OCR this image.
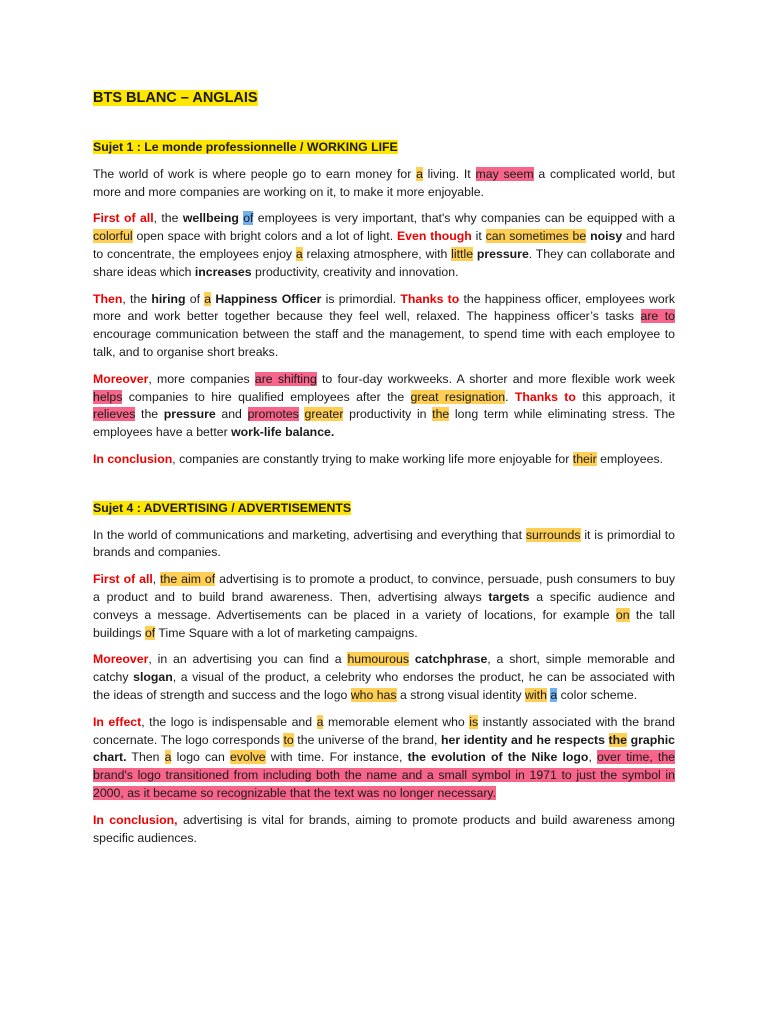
BTS BLANC – ANGLAIS
Sujet 1 : Le monde professionnelle / WORKING LIFE

The world of work is where people go to earn money for a living. It may seem a complicated world, but more and more companies are working on it, to make it more enjoyable.

First of all, the wellbeing of employees is very important, that's why companies can be equipped with a colorful open space with bright colors and a lot of light. Even though it can sometimes be noisy and hard to concentrate, the employees enjoy a relaxing atmosphere, with little pressure. They can collaborate and share ideas which increases productivity, creativity and innovation.

Then, the hiring of a Happiness Officer is primordial. Thanks to the happiness officer, employees work more and work better together because they feel well, relaxed. The happiness officer’s tasks are to encourage communication between the staff and the management, to spend time with each employee to talk, and to organise short breaks.

Moreover, more companies are shifting to four-day workweeks. A shorter and more flexible work week helps companies to hire qualified employees after the great resignation. Thanks to this approach, it relieves the pressure and promotes greater productivity in the long term while eliminating stress. The employees have a better work-life balance.

In conclusion, companies are constantly trying to make working life more enjoyable for their employees.

Sujet 4 : ADVERTISING / ADVERTISEMENTS

In the world of communications and marketing, advertising and everything that surrounds it is primordial to brands and companies.

First of all, the aim of advertising is to promote a product, to convince, persuade, push consumers to buy a product and to build brand awareness. Then, advertising always targets a specific audience and conveys a message. Advertisements can be placed in a variety of locations, for example on the tall buildings of Time Square with a lot of marketing campaigns.

Moreover, in an advertising you can find a humourous catchphrase, a short, simple memorable and catchy slogan, a visual of the product, a celebrity who endorses the product, he can be associated with the ideas of strength and success and the logo who has a strong visual identity with a color scheme.

In effect, the logo is indispensable and a memorable element who is instantly associated with the brand concernate. The logo corresponds to the universe of the brand, her identity and he respects the graphic chart. Then a logo can evolve with time. For instance, the evolution of the Nike logo, over time, the brand's logo transitioned from including both the name and a small symbol in 1971 to just the symbol in 2000, as it became so recognizable that the text was no longer necessary.

In conclusion, advertising is vital for brands, aiming to promote products and build awareness among specific audiences.
